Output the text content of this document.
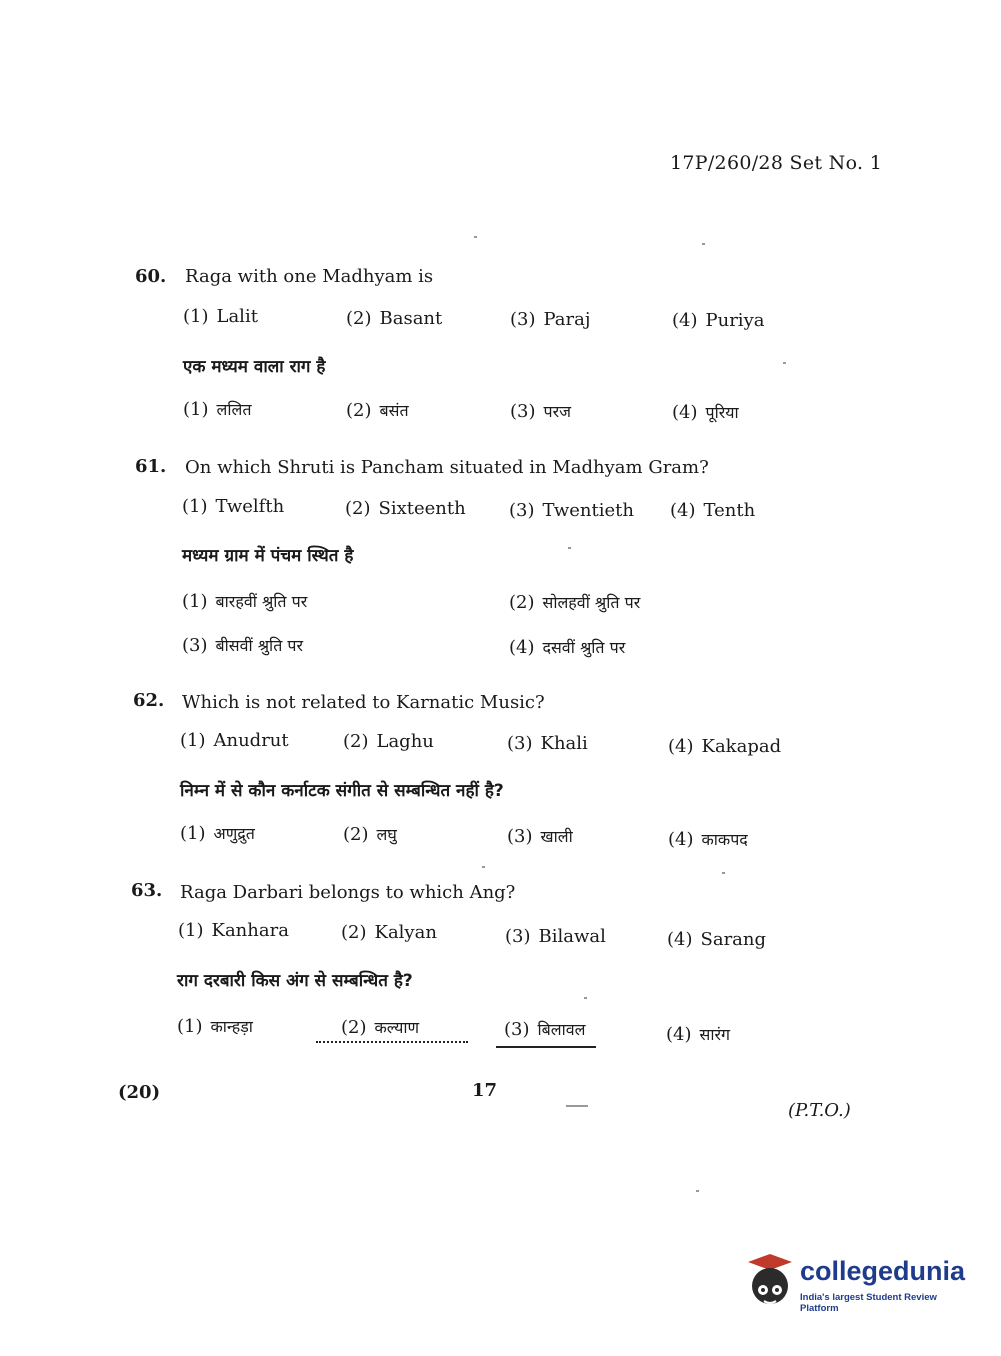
17P/260/28 Set No. 1
60. Raga with one Madhyam is
(1) Lalit	(2) Basant	(3) Paraj	(4) Puriya
एक मध्यम वाला राग है
(1) ललित	(2) बसंत	(3) परज	(4) पूरिया
61. On which Shruti is Pancham situated in Madhyam Gram?
(1) Twelfth	(2) Sixteenth (3) Twentieth (4) Tenth
मध्यम ग्राम में पंचम स्थित है
(1) बारहवीं श्रुति पर	(2) सोलहवीं श्रुति पर
(3) बीसवीं श्रुति पर	(4) दसवीं श्रुति पर
62. Which is not related to Karnatic Music?
(1) Anudrut	(2) Laghu	(3) Khali	(4) Kakapad
निम्न में से कौन कर्नाटक संगीत से सम्बन्धित नहीं है?
(1) अणुद्रुत	(2) लघु	(3) खाली	(4) काकपद
63. Raga Darbari belongs to which Ang?
(1) Kanhara	(2) Kalyan	(3) Bilawal	(4) Sarang
राग दरबारी किस अंग से सम्बन्धित है?
(1) कान्हड़ा	(2) कल्याण	(3) बिलावल	(4) सारंग
(20)	17
(P.T.O.)
collegedunia
India's largest Student Review Platform
